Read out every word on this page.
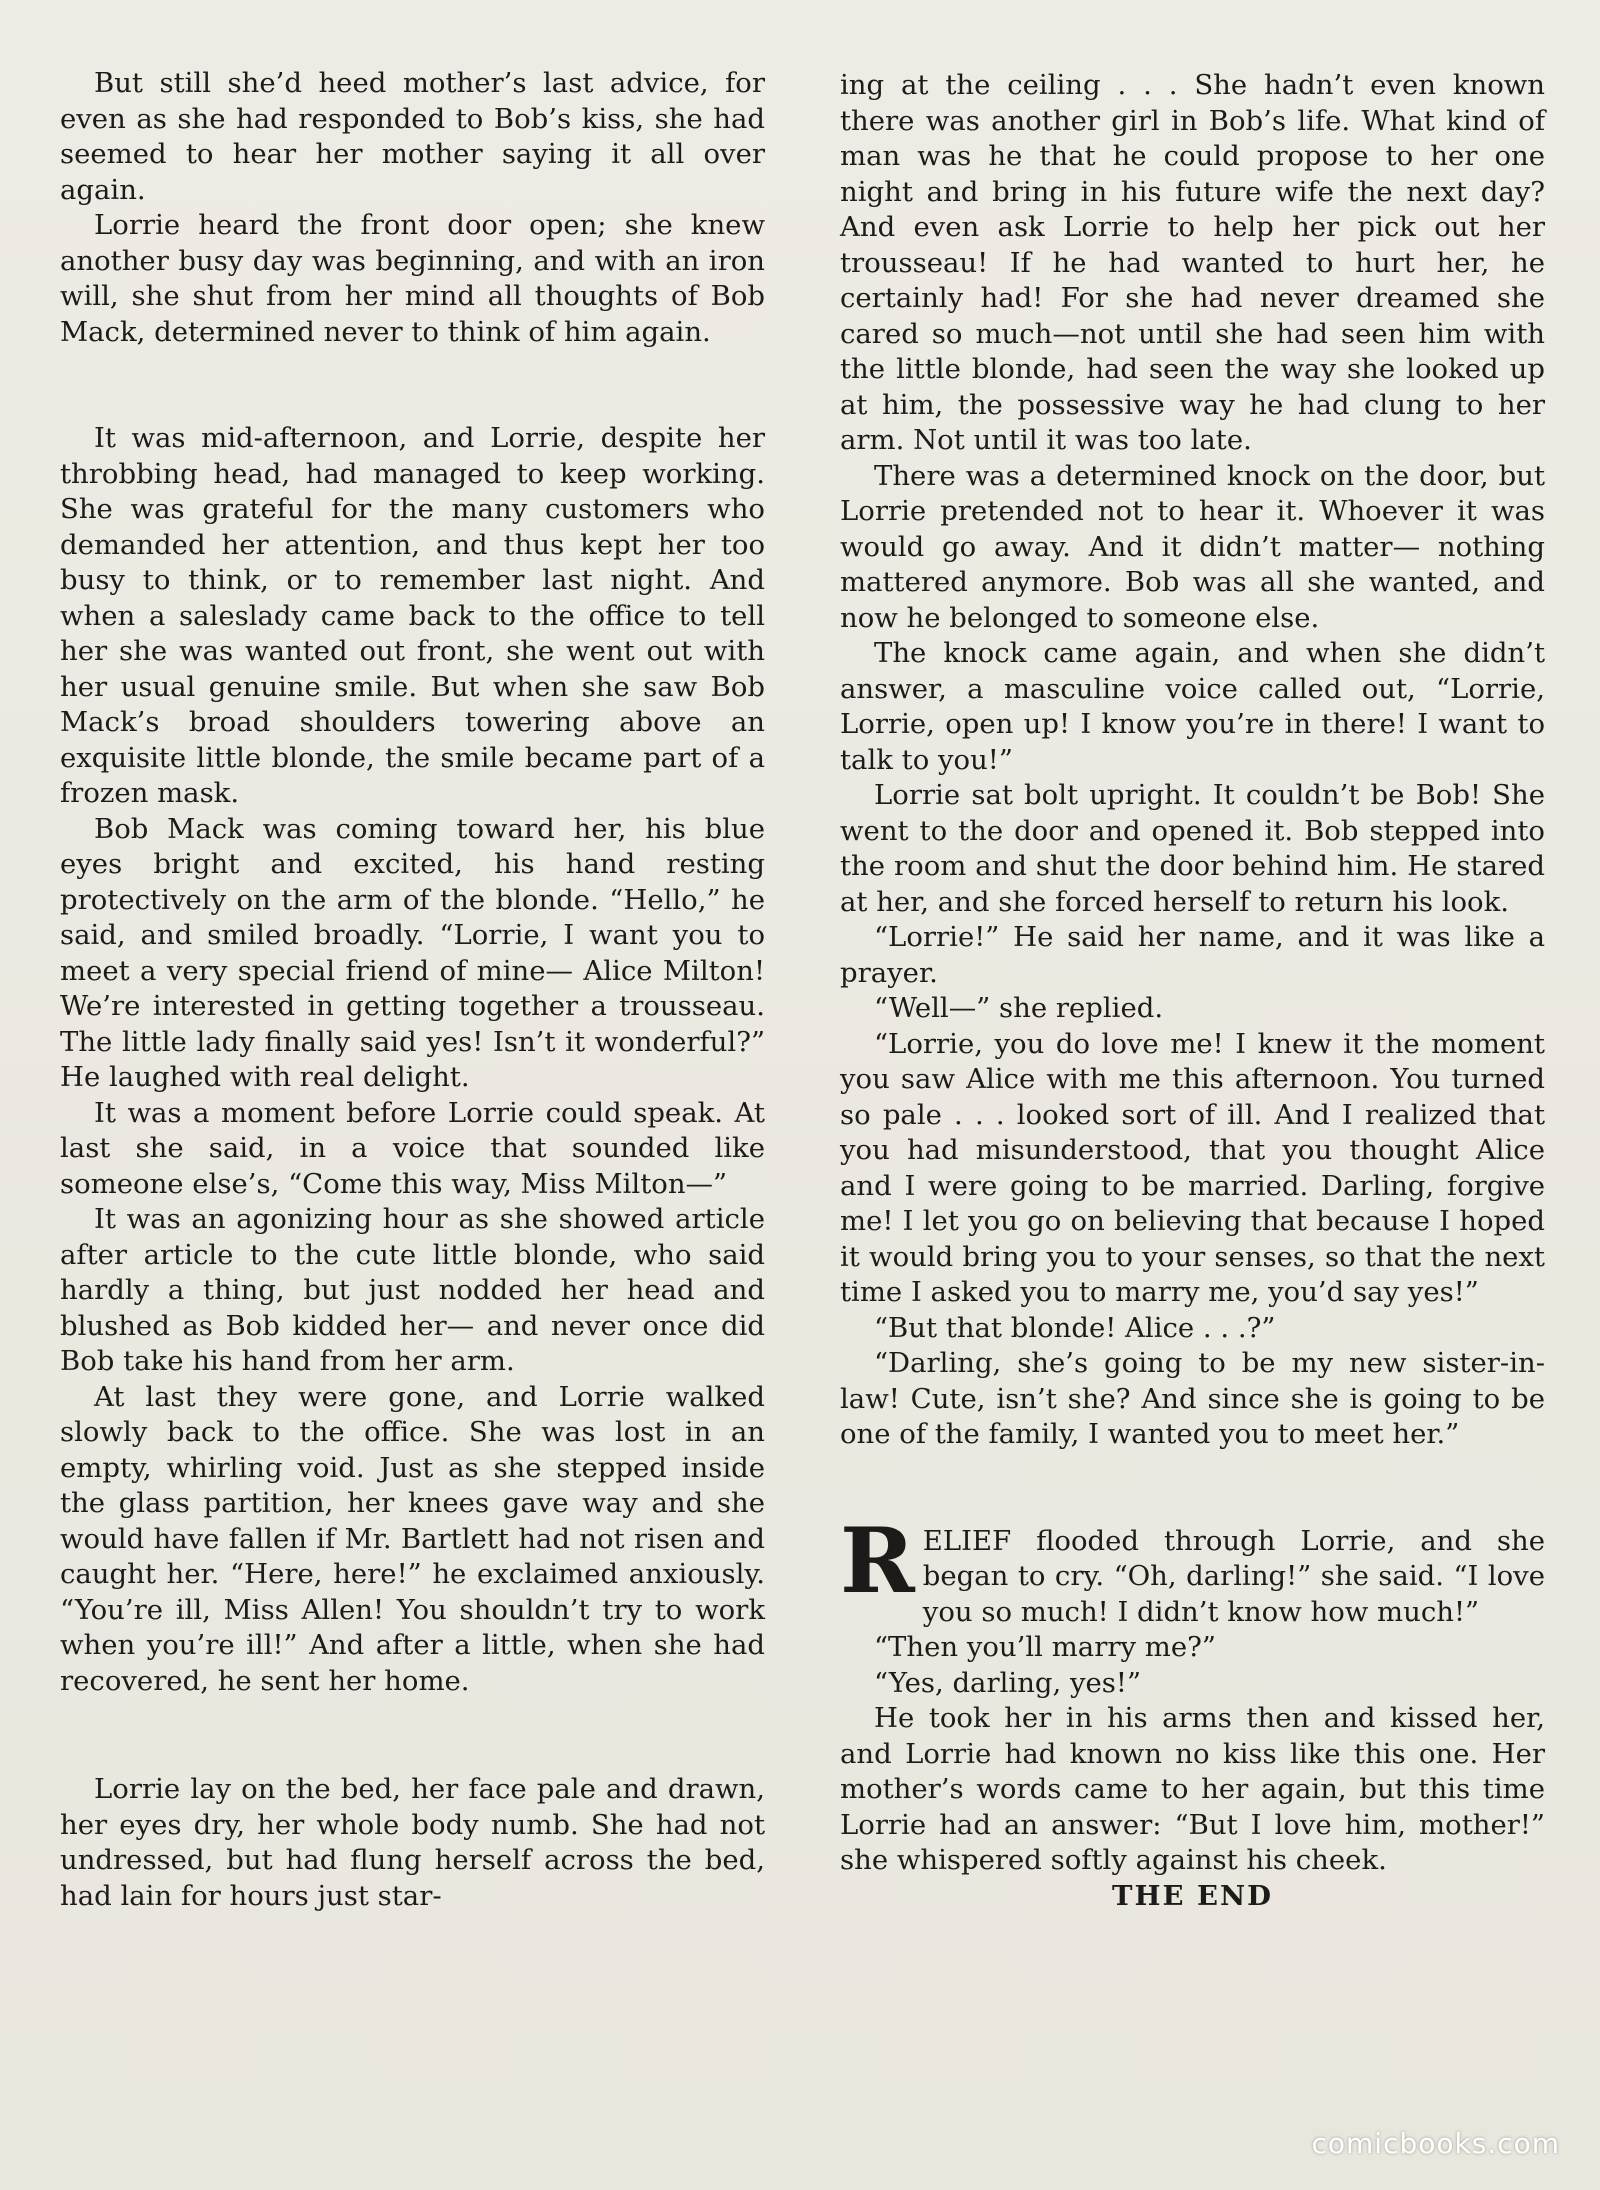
But still she’d heed mother’s last advice, for even as she had responded to Bob’s kiss, she had seemed to hear her mother saying it all over again.

Lorrie heard the front door open; she knew another busy day was beginning, and with an iron will, she shut from her mind all thoughts of Bob Mack, determined never to think of him again.

It was mid-afternoon, and Lorrie, despite her throbbing head, had managed to keep working. She was grateful for the many customers who demanded her attention, and thus kept her too busy to think, or to remember last night. And when a saleslady came back to the office to tell her she was wanted out front, she went out with her usual genuine smile. But when she saw Bob Mack’s broad shoulders towering above an exquisite little blonde, the smile became part of a frozen mask.

Bob Mack was coming toward her, his blue eyes bright and excited, his hand resting protectively on the arm of the blonde. “Hello,” he said, and smiled broadly. “Lorrie, I want you to meet a very special friend of mine— Alice Milton! We’re interested in getting together a trousseau. The little lady finally said yes! Isn’t it wonderful?” He laughed with real delight.

It was a moment before Lorrie could speak. At last she said, in a voice that sounded like someone else’s, “Come this way, Miss Milton—”

It was an agonizing hour as she showed article after article to the cute little blonde, who said hardly a thing, but just nodded her head and blushed as Bob kidded her— and never once did Bob take his hand from her arm.

At last they were gone, and Lorrie walked slowly back to the office. She was lost in an empty, whirling void. Just as she stepped inside the glass partition, her knees gave way and she would have fallen if Mr. Bartlett had not risen and caught her. “Here, here!” he exclaimed anxiously. “You’re ill, Miss Allen! You shouldn’t try to work when you’re ill!” And after a little, when she had recovered, he sent her home.

Lorrie lay on the bed, her face pale and drawn, her eyes dry, her whole body numb. She had not undressed, but had flung herself across the bed, had lain for hours just star-

ing at the ceiling . . . She hadn’t even known there was another girl in Bob’s life. What kind of man was he that he could propose to her one night and bring in his future wife the next day? And even ask Lorrie to help her pick out her trousseau! If he had wanted to hurt her, he certainly had! For she had never dreamed she cared so much—not until she had seen him with the little blonde, had seen the way she looked up at him, the possessive way he had clung to her arm. Not until it was too late.

There was a determined knock on the door, but Lorrie pretended not to hear it. Whoever it was would go away. And it didn’t matter— nothing mattered anymore. Bob was all she wanted, and now he belonged to someone else.

The knock came again, and when she didn’t answer, a masculine voice called out, “Lorrie, Lorrie, open up! I know you’re in there! I want to talk to you!”

Lorrie sat bolt upright. It couldn’t be Bob! She went to the door and opened it. Bob stepped into the room and shut the door behind him. He stared at her, and she forced herself to return his look.

“Lorrie!” He said her name, and it was like a prayer.

“Well—” she replied.

“Lorrie, you do love me! I knew it the moment you saw Alice with me this afternoon. You turned so pale . . . looked sort of ill. And I realized that you had misunderstood, that you thought Alice and I were going to be married. Darling, forgive me! I let you go on believing that because I hoped it would bring you to your senses, so that the next time I asked you to marry me, you’d say yes!”

“But that blonde! Alice . . .?”

“Darling, she’s going to be my new sister-in-law! Cute, isn’t she? And since she is going to be one of the family, I wanted you to meet her.”

RELIEF flooded through Lorrie, and she began to cry. “Oh, darling!” she said. “I love you so much! I didn’t know how much!”

“Then you’ll marry me?”

“Yes, darling, yes!”

He took her in his arms then and kissed her, and Lorrie had known no kiss like this one. Her mother’s words came to her again, but this time Lorrie had an answer: “But I love him, mother!” she whispered softly against his cheek.

THE END

comicbooks.com
